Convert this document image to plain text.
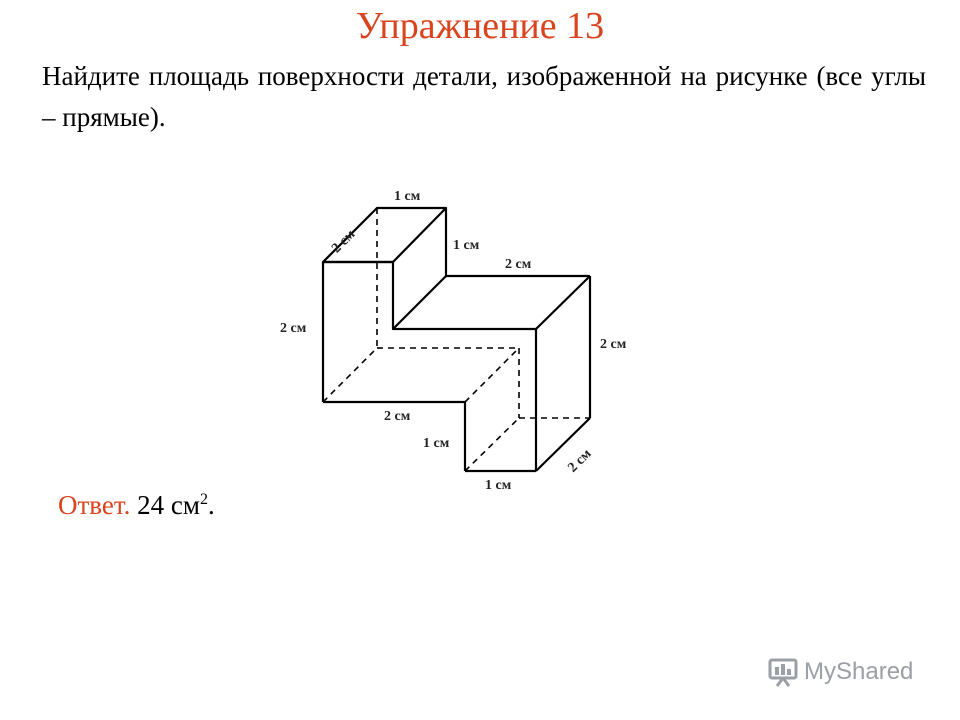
Упражнение 13
Найдите площадь поверхности детали, изображенной на рисунке (все углы – прямые).
1 см
2 см	1 см
2 см
2 см
2 см
2 см
1 см
1 см
2 см
Ответ. 24 $см^2$.
MyShared
